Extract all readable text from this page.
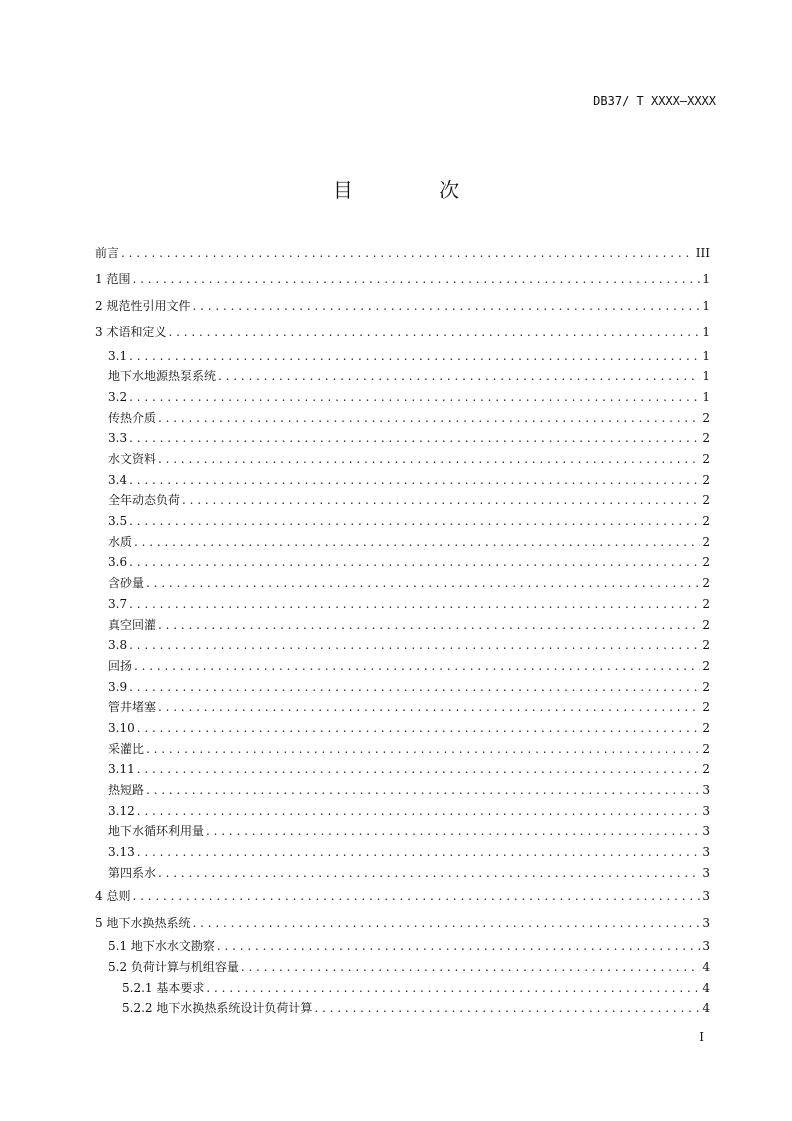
DB37/ T XXXX—XXXX
目 次
前言 . . .	III
1 范围 . . .	1
2 规范性引用文件 . . .	1
3 术语和定义 . . .	1
3.1 . . .	1
地下水地源热泵系统 . . .	1
3.2 . . .	1
传热介质 . . .	2
3.3 . . .	2
水文资料 . . .	2
3.4 . . .	2
全年动态负荷 . . .	2
3.5 . . .	2
水质 . . .	2
3.6 . . .	2
含砂量 . . .	2
3.7 . . .	2
真空回灌 . . .	2
3.8 . . .	2
回扬 . . .	2
3.9 . . .	2
管井堵塞 . . .	2
3.10 . . .	2
采灌比 . . .	2
3.11 . . .	2
热短路 . . .	3
3.12 . . .	3
地下水循环利用量 . . .	3
3.13 . . .	3
第四系水 . . .	3
4 总则 . . .	3
5 地下水换热系统 . . .	3
5.1 地下水水文勘察 . . .	3
5.2 负荷计算与机组容量 . . .	4
5.2.1 基本要求 . . .	4
5.2.2 地下水换热系统设计负荷计算 . . .	4
I
